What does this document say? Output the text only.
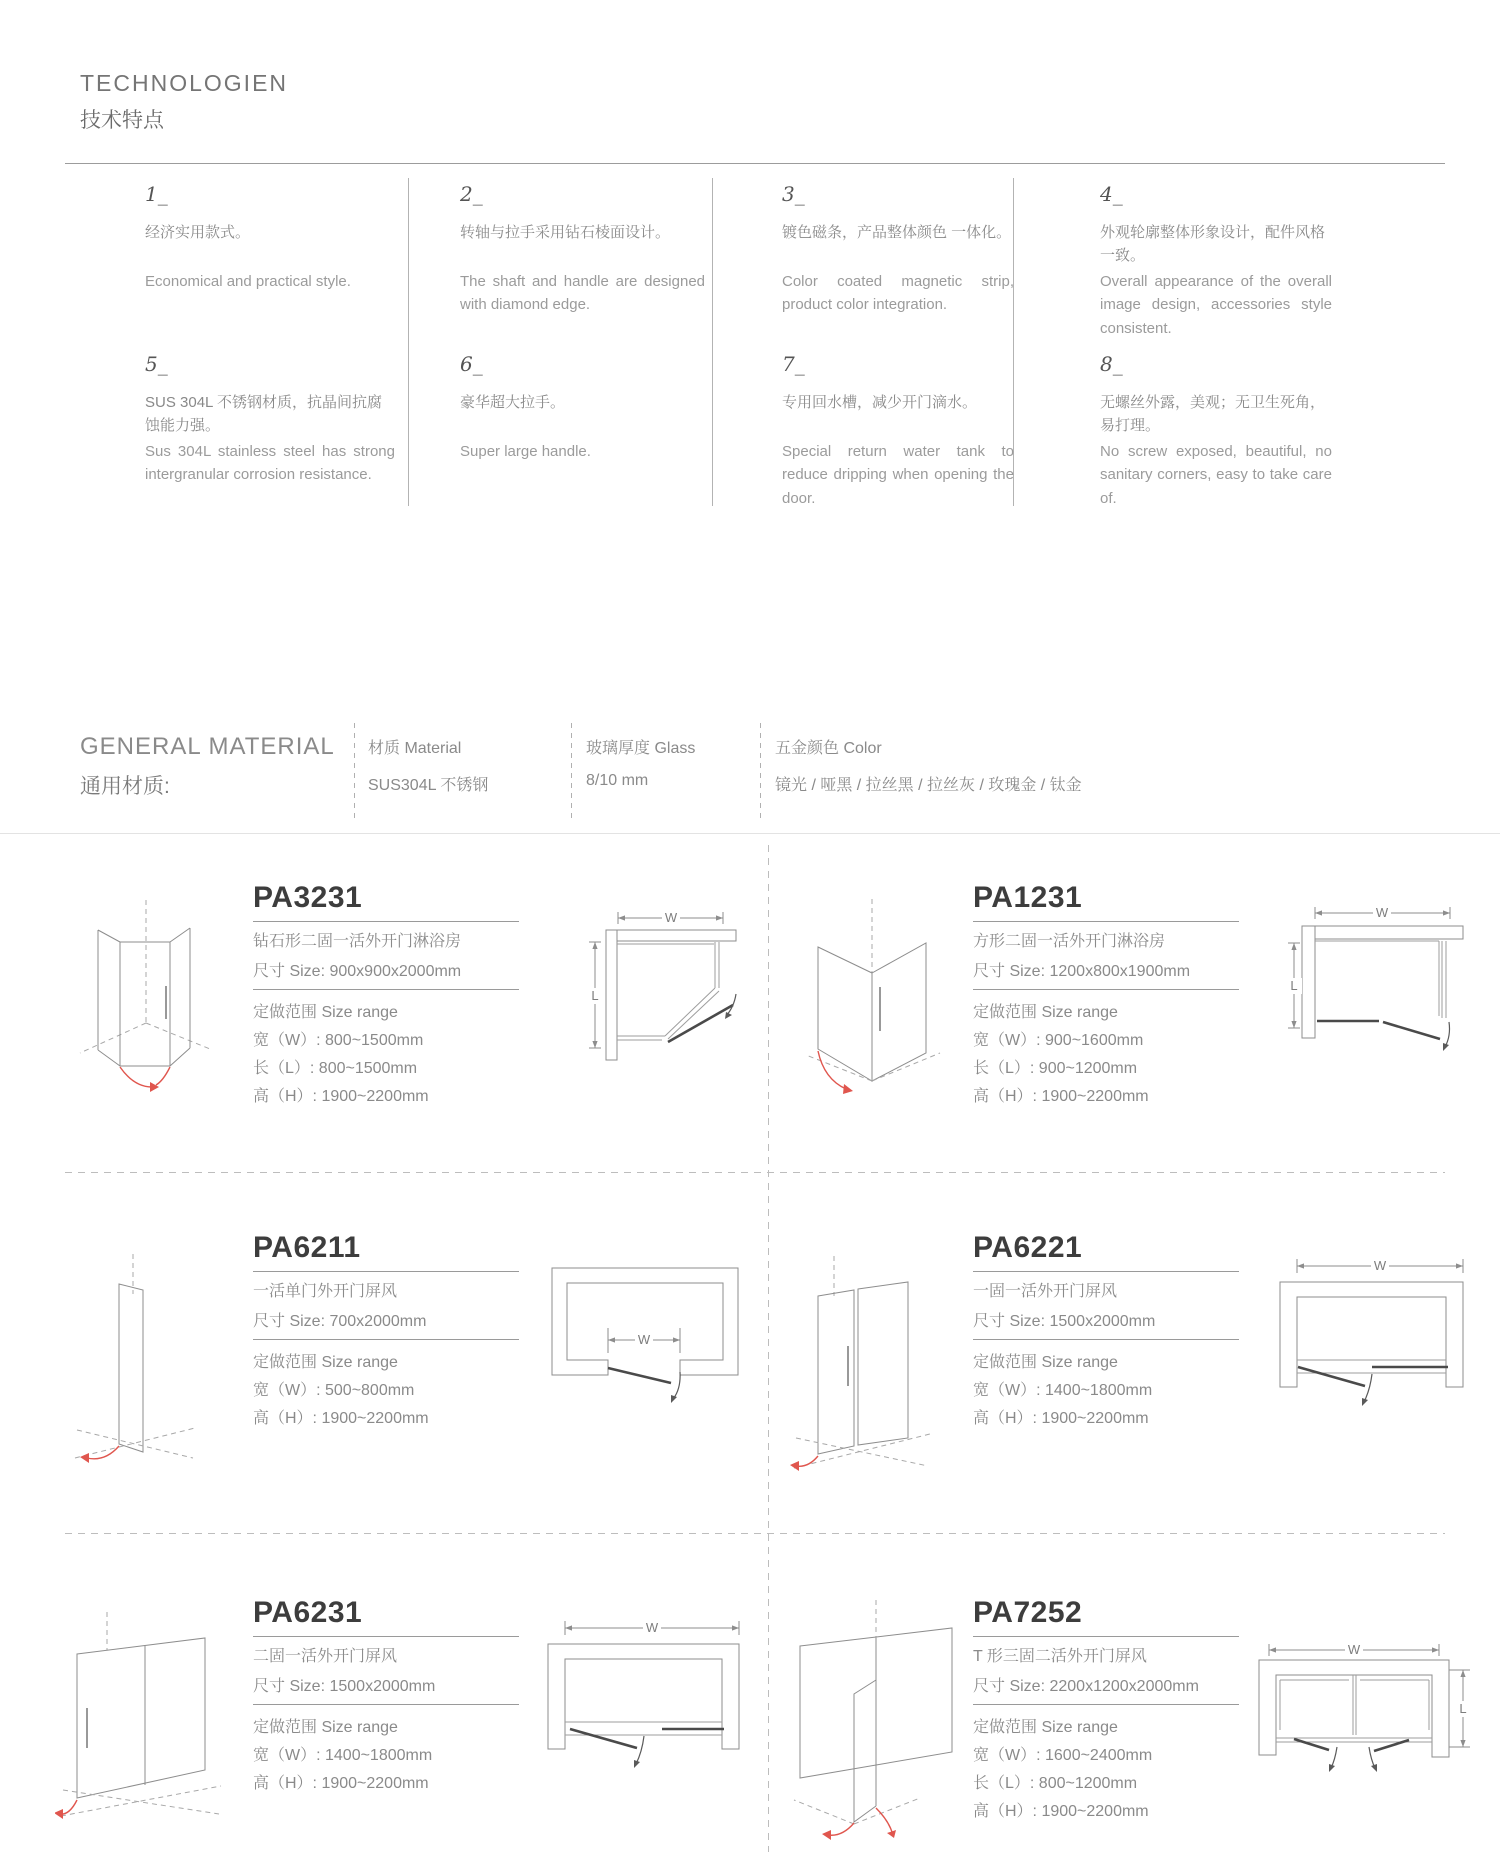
TECHNOLOGIEN
技术特点
1_
经济实用款式。
Economical and practical style.
2_
转轴与拉手采用钻石棱面设计。
The shaft and handle are designed with diamond edge.
3_
镀色磁条，产品整体颜色 一体化。
Color coated magnetic strip, product color integration.
4_
外观轮廓整体形象设计，配件风格一致。
Overall appearance of the overall image design, accessories style consistent.
5_
SUS 304L 不锈钢材质，抗晶间抗腐蚀能力强。
Sus 304L stainless steel has strong intergranular corrosion resistance.
6_
豪华超大拉手。
Super large handle.
7_
专用回水槽，减少开门滴水。
Special return water tank to reduce dripping when opening the door.
8_
无螺丝外露，美观；无卫生死角，易打理。
No screw exposed, beautiful, no sanitary corners, easy to take care of.
GENERAL MATERIAL
通用材质:
材质 Material
SUS304L 不锈钢
玻璃厚度 Glass
8/10 mm
五金颜色 Color
镜光 / 哑黑 / 拉丝黑 / 拉丝灰 / 玫瑰金 / 钛金
PA3231
钻石形二固一活外开门淋浴房
尺寸 Size: 900x900x2000mm
定做范围 Size range
宽（W）: 800~1500mm
长（L）: 800~1500mm
高（H）: 1900~2200mm
W
L
PA1231
方形二固一活外开门淋浴房
尺寸 Size: 1200x800x1900mm
定做范围 Size range
宽（W）: 900~1600mm
长（L）: 900~1200mm
高（H）: 1900~2200mm
W
L
PA6211
一活单门外开门屏风
尺寸 Size: 700x2000mm
定做范围 Size range
宽（W）: 500~800mm
高（H）: 1900~2200mm
W
PA6221
一固一活外开门屏风
尺寸 Size: 1500x2000mm
定做范围 Size range
宽（W）: 1400~1800mm
高（H）: 1900~2200mm
W
PA6231
二固一活外开门屏风
尺寸 Size: 1500x2000mm
定做范围 Size range
宽（W）: 1400~1800mm
高（H）: 1900~2200mm
W	PA7252
T 形三固二活外开门屏风
尺寸 Size: 2200x1200x2000mm
定做范围 Size range
宽（W）: 1600~2400mm
长（L）: 800~1200mm
高（H）: 1900~2200mm
W
L
